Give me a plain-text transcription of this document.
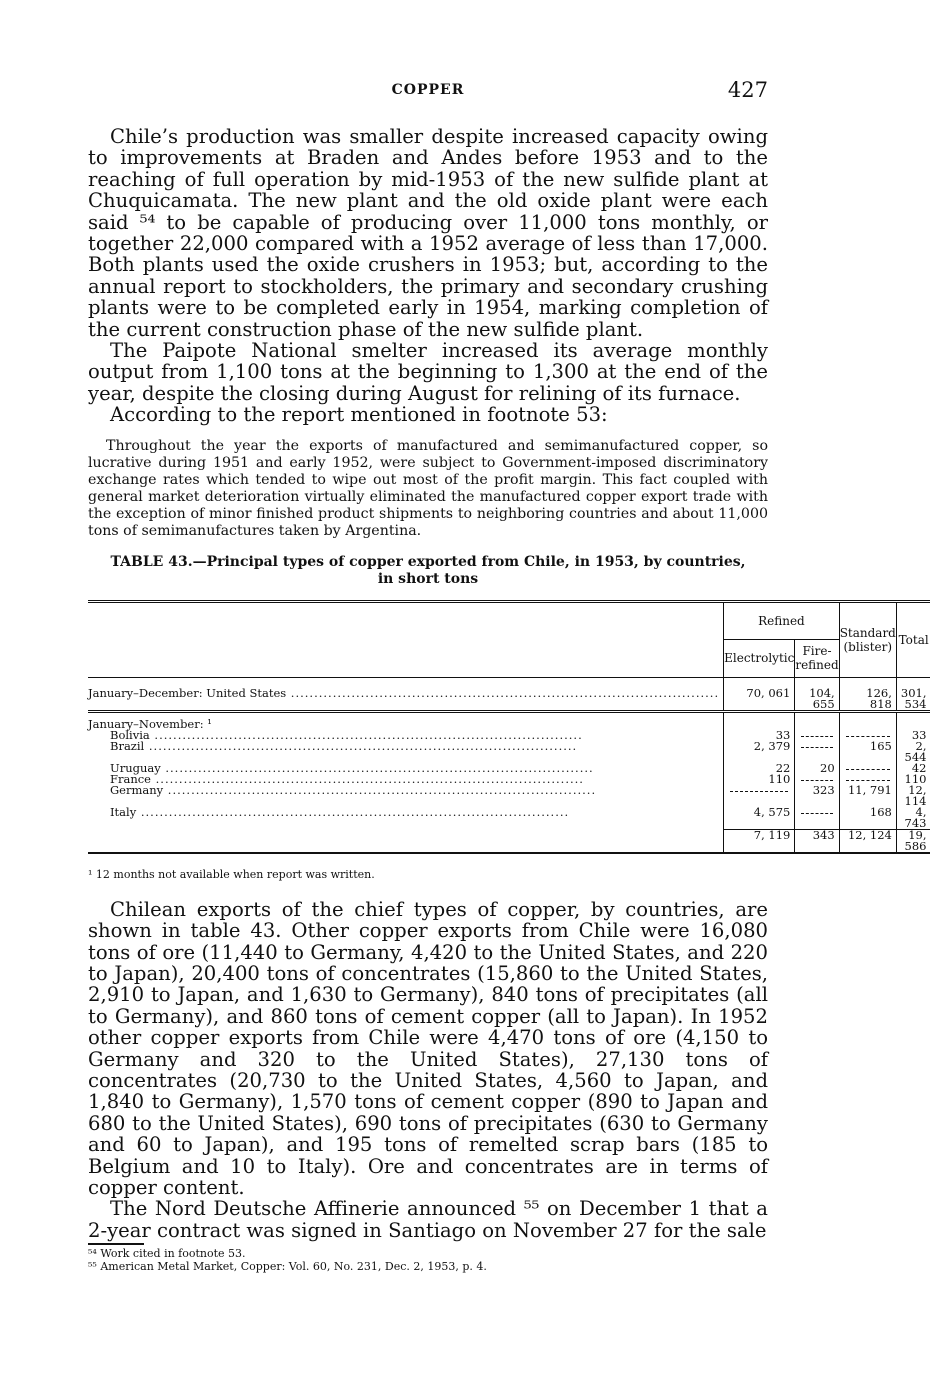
COPPER	427

Chile’s production was smaller despite increased capacity owing to improvements at Braden and Andes before 1953 and to the reaching of full operation by mid-1953 of the new sulfide plant at Chuquicamata. The new plant and the old oxide plant were each said ⁵⁴ to be capable of producing over 11,000 tons monthly, or together 22,000 compared with a 1952 average of less than 17,000. Both plants used the oxide crushers in 1953; but, according to the annual report to stockholders, the primary and secondary crushing plants were to be completed early in 1954, marking completion of the current construction phase of the new sulfide plant.

The Paipote National smelter increased its average monthly output from 1,100 tons at the beginning to 1,300 at the end of the year, despite the closing during August for relining of its furnace.

According to the report mentioned in footnote 53:

Throughout the year the exports of manufactured and semimanufactured copper, so lucrative during 1951 and early 1952, were subject to Government-imposed discriminatory exchange rates which tended to wipe out most of the profit margin. This fact coupled with general market deterioration virtually eliminated the manufactured copper export trade with the exception of minor finished product shipments to neighboring countries and about 11,000 tons of semimanufactures taken by Argentina.

TABLE 43.—Principal types of copper exported from Chile, in 1953, by countries,
in short tons
	Refined		Standard (blister)	Total
	Electrolytic	Fire-refined		
January–December: United States .....	70, 061	104, 655	126, 818	301, 534
January–November: ¹				
Bolivia .....	33			33
Brazil .....	2, 379		165	2, 544
Uruguay .....	22	20		42
France .....	110			110
Germany .....		323	11, 791	12, 114
Italy .....	4, 575		168	4, 743
	7, 119	343	12, 124	19, 586

¹ 12 months not available when report was written.

Chilean exports of the chief types of copper, by countries, are shown in table 43. Other copper exports from Chile were 16,080 tons of ore (11,440 to Germany, 4,420 to the United States, and 220 to Japan), 20,400 tons of concentrates (15,860 to the United States, 2,910 to Japan, and 1,630 to Germany), 840 tons of precipitates (all to Germany), and 860 tons of cement copper (all to Japan). In 1952 other copper exports from Chile were 4,470 tons of ore (4,150 to Germany and 320 to the United States), 27,130 tons of concentrates (20,730 to the United States, 4,560 to Japan, and 1,840 to Germany), 1,570 tons of cement copper (890 to Japan and 680 to the United States), 690 tons of precipitates (630 to Germany and 60 to Japan), and 195 tons of remelted scrap bars (185 to Belgium and 10 to Italy). Ore and concentrates are in terms of copper content.

The Nord Deutsche Affinerie announced ⁵⁵ on December 1 that a 2-year contract was signed in Santiago on November 27 for the sale

⁵⁴ Work cited in footnote 53.
⁵⁵ American Metal Market, Copper: Vol. 60, No. 231, Dec. 2, 1953, p. 4.
